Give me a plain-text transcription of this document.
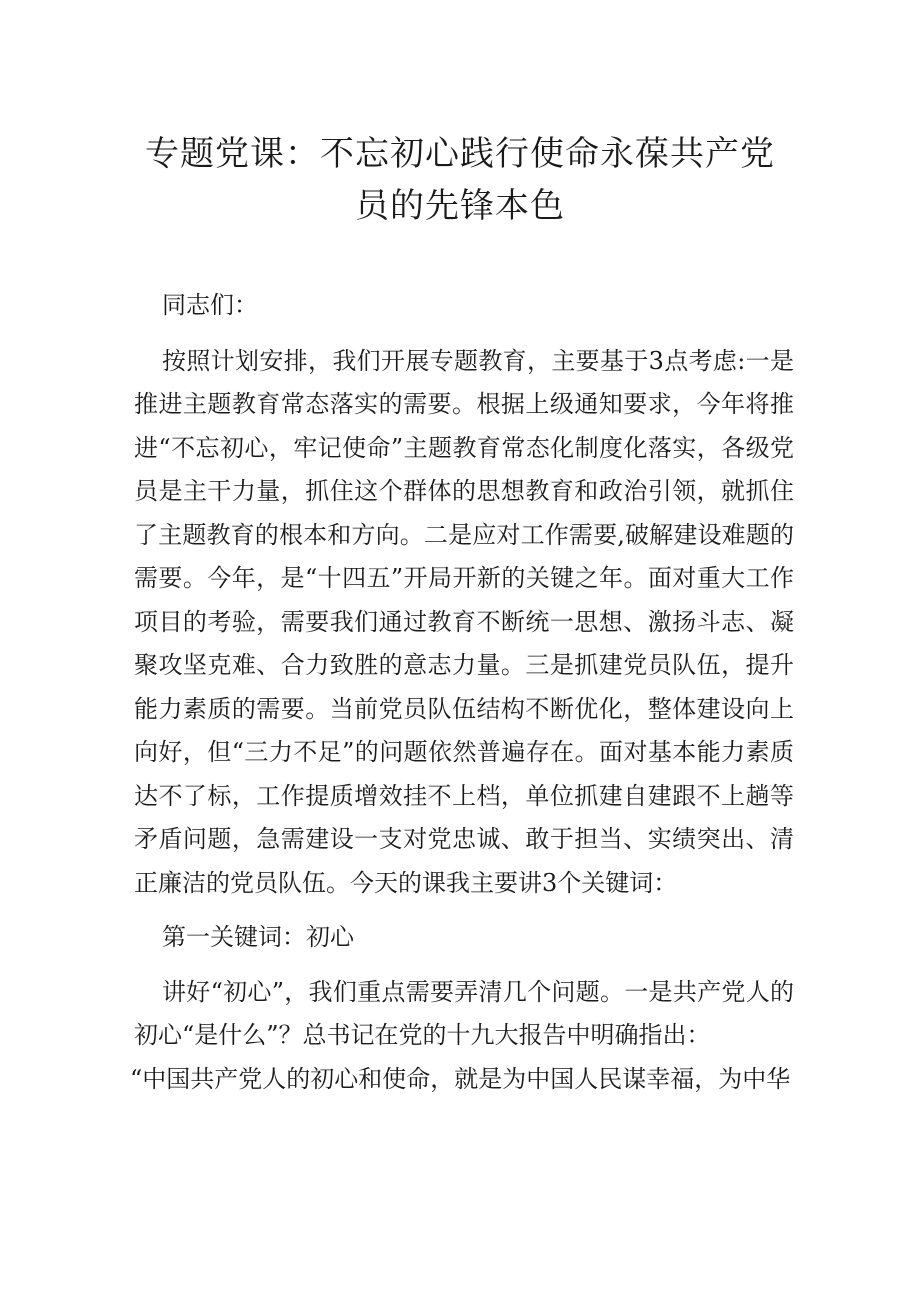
专题党课：不忘初心践行使命永葆共产党
员的先锋本色

同志们：

按照计划安排，我们开展专题教育，主要基于3点考虑:一是推进主题教育常态落实的需要。根据上级通知要求，今年将推进“不忘初心，牢记使命”主题教育常态化制度化落实，各级党员是主干力量，抓住这个群体的思想教育和政治引领，就抓住了主题教育的根本和方向。二是应对工作需要,破解建设难题的需要。今年，是“十四五”开局开新的关键之年。面对重大工作项目的考验，需要我们通过教育不断统一思想、激扬斗志、凝聚攻坚克难、合力致胜的意志力量。三是抓建党员队伍，提升能力素质的需要。当前党员队伍结构不断优化，整体建设向上向好，但“三力不足”的问题依然普遍存在。面对基本能力素质达不了标，工作提质增效挂不上档，单位抓建自建跟不上趟等矛盾问题，急需建设一支对党忠诚、敢于担当、实绩突出、清正廉洁的党员队伍。今天的课我主要讲3个关键词：

第一关键词：初心

讲好“初心”，我们重点需要弄清几个问题。一是共产党人的初心“是什么”？总书记在党的十九大报告中明确指出：

“中国共产党人的初心和使命，就是为中国人民谋幸福，为中华
